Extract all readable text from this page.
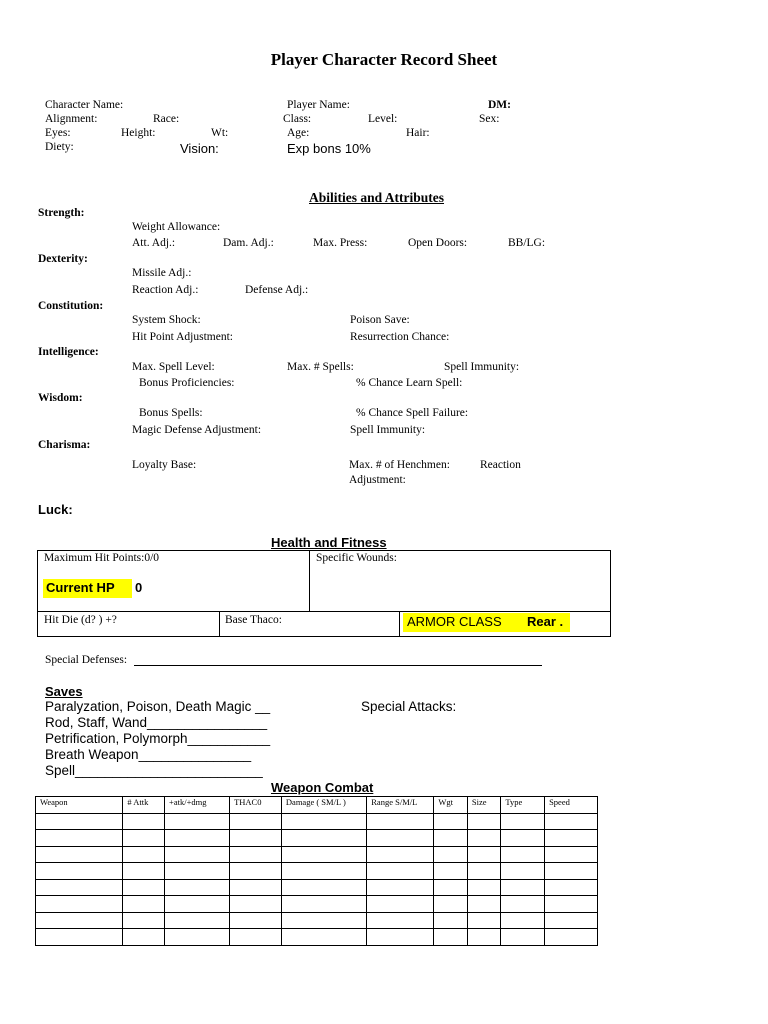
Player Character Record Sheet
Character Name:	Player Name:	DM:
Alignment:	Race:	Class:	Level:	Sex:
Eyes:	Height:	Wt:	Age:	Hair:
Diety:	Vision:	Exp bons 10%
Abilities and Attributes
Strength:
Weight Allowance:
Att. Adj.:	Dam. Adj.:	Max. Press:	Open Doors:	BB/LG:
Dexterity:
Missile Adj.:
Reaction Adj.:	Defense Adj.:
Constitution:
System Shock:	Poison Save:
Hit Point Adjustment:	Resurrection Chance:
Intelligence:
Max. Spell Level:	Max. # Spells:	Spell Immunity:
Bonus Proficiencies:	% Chance Learn Spell:
Wisdom:
Bonus Spells:	% Chance Spell Failure:
Magic Defense Adjustment:	Spell Immunity:
Charisma:
Loyalty Base:	Max. # of Henchmen:	Reaction
Adjustment:
Luck:
Health and Fitness
Maximum Hit Points:0/0	Specific Wounds:
Current HP 0
Hit Die (d? ) +?	Base Thaco:	ARMOR CLASS Rear .
Special Defenses:
Saves
Paralyzation, Poison, Death Magic __	Special Attacks:
Rod, Staff, Wand________________
Petrification, Polymorph___________
Breath Weapon_______________
Spell_________________________
Weapon Combat
Weapon	# Attk	+atk/+dmg	THAC0	Damage ( SM/L )	Range S/M/L	Wgt	Size	Type	Speed
